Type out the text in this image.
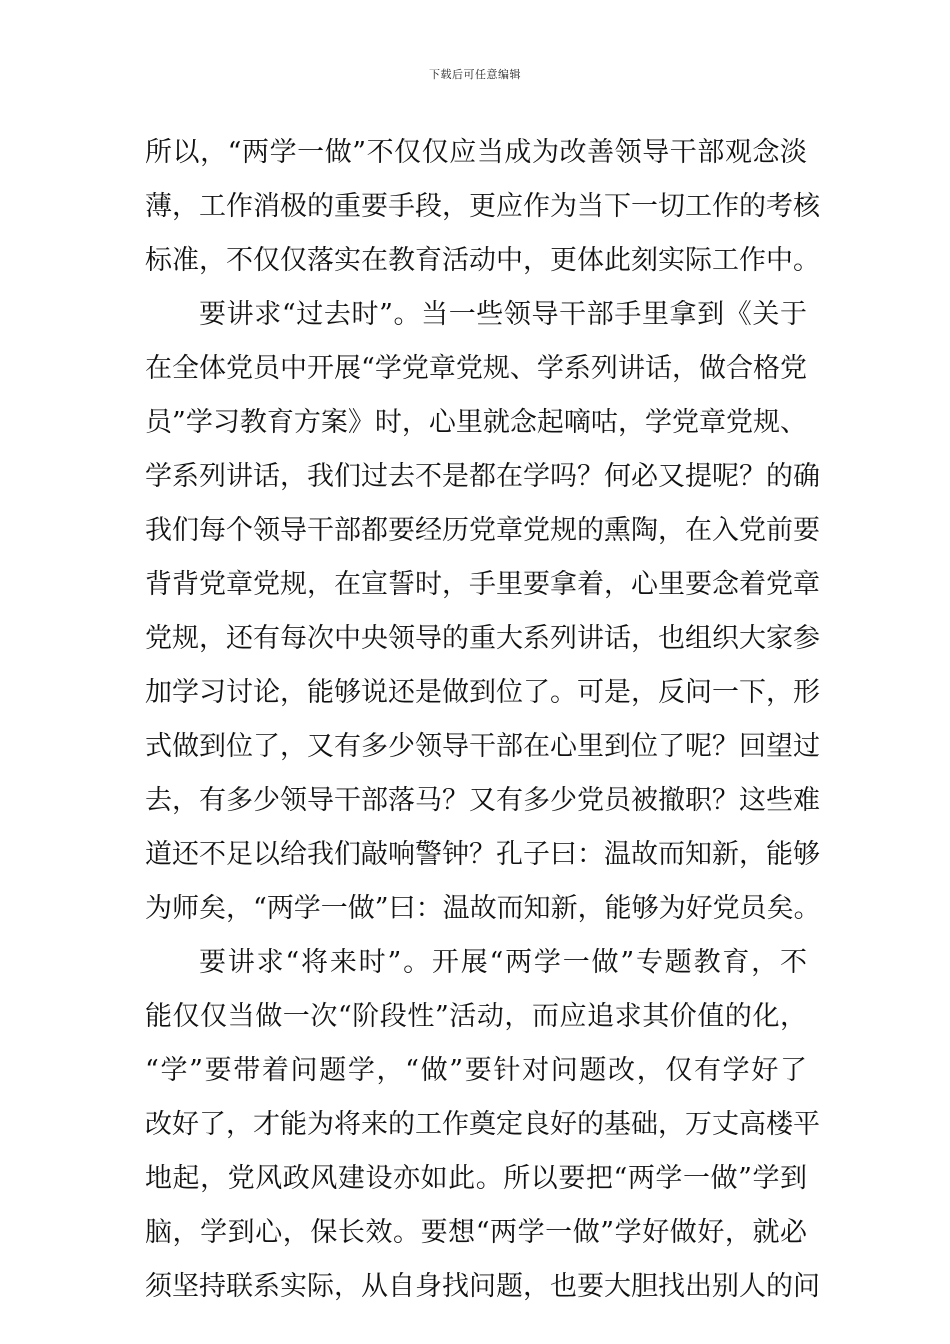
下载后可任意编辑
所以，“两学一做”不仅仅应当成为改善领导干部观念淡
薄，工作消极的重要手段，更应作为当下一切工作的考核
标准，不仅仅落实在教育活动中，更体此刻实际工作中。
要讲求“过去时”。当一些领导干部手里拿到《关于
在全体党员中开展“学党章党规、学系列讲话，做合格党
员”学习教育方案》时，心里就念起嘀咕，学党章党规、
学系列讲话，我们过去不是都在学吗？何必又提呢？的确
我们每个领导干部都要经历党章党规的熏陶，在入党前要
背背党章党规，在宣誓时，手里要拿着，心里要念着党章
党规，还有每次中央领导的重大系列讲话，也组织大家参
加学习讨论，能够说还是做到位了。可是，反问一下，形
式做到位了，又有多少领导干部在心里到位了呢？回望过
去，有多少领导干部落马？又有多少党员被撤职？这些难
道还不足以给我们敲响警钟？孔子曰：温故而知新，能够
为师矣，“两学一做”曰：温故而知新，能够为好党员矣。
要讲求“将来时”。开展“两学一做”专题教育，不
能仅仅当做一次“阶段性”活动，而应追求其价值的化，
“学”要带着问题学，“做”要针对问题改，仅有学好了
改好了，才能为将来的工作奠定良好的基础，万丈高楼平
地起，党风政风建设亦如此。所以要把“两学一做”学到
脑，学到心，保长效。要想“两学一做”学好做好，就必
须坚持联系实际，从自身找问题，也要大胆找出别人的问
